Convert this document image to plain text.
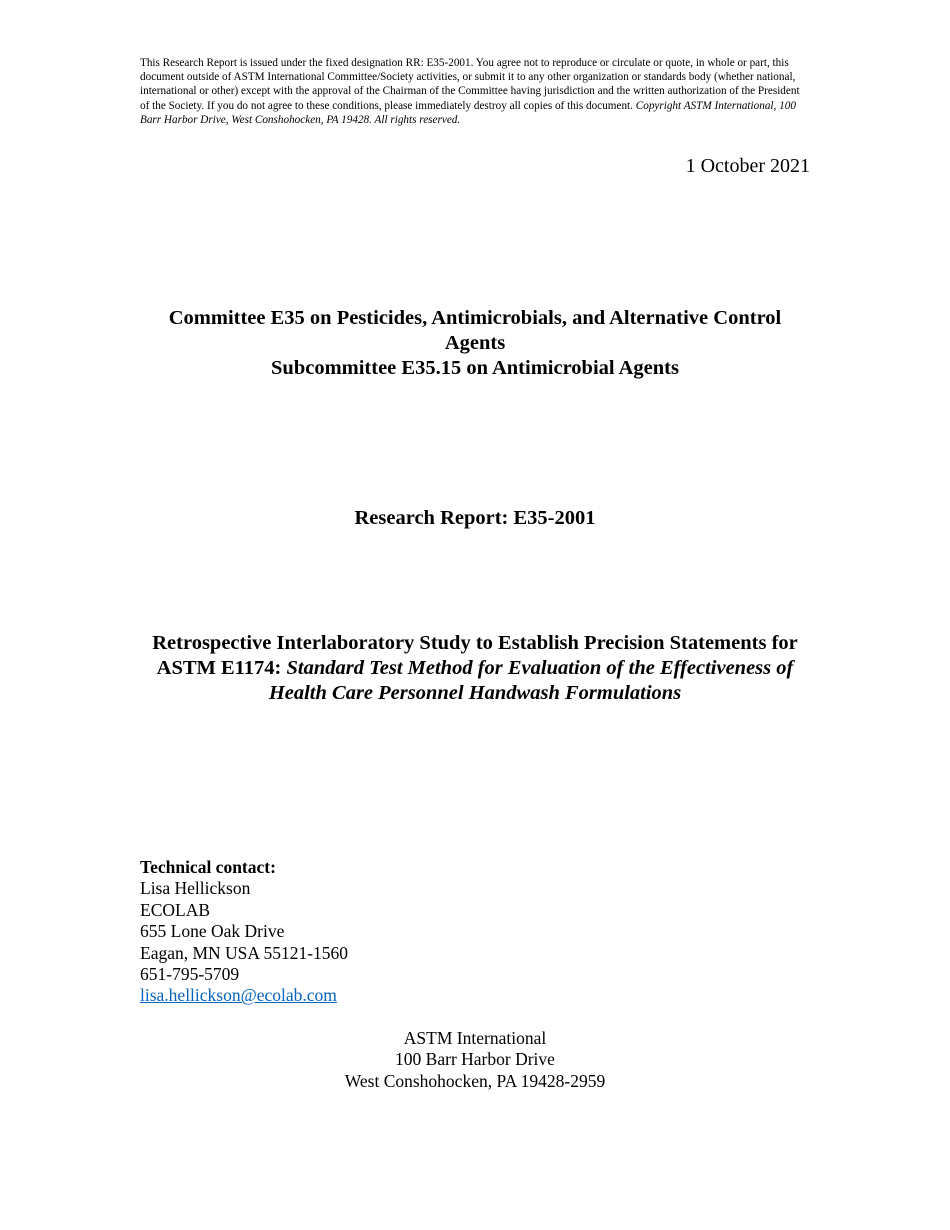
This Research Report is issued under the fixed designation RR: E35-2001. You agree not to reproduce or circulate or quote, in whole or part, this document outside of ASTM International Committee/Society activities, or submit it to any other organization or standards body (whether national, international or other) except with the approval of the Chairman of the Committee having jurisdiction and the written authorization of the President of the Society. If you do not agree to these conditions, please immediately destroy all copies of this document. Copyright ASTM International, 100 Barr Harbor Drive, West Conshohocken, PA 19428. All rights reserved.
1 October 2021
Committee E35 on Pesticides, Antimicrobials, and Alternative Control Agents
Subcommittee E35.15 on Antimicrobial Agents
Research Report: E35-2001
Retrospective Interlaboratory Study to Establish Precision Statements for ASTM E1174: Standard Test Method for Evaluation of the Effectiveness of Health Care Personnel Handwash Formulations
Technical contact:
Lisa Hellickson
ECOLAB
655 Lone Oak Drive
Eagan, MN USA 55121-1560
651-795-5709
lisa.hellickson@ecolab.com
ASTM International
100 Barr Harbor Drive
West Conshohocken, PA 19428-2959
